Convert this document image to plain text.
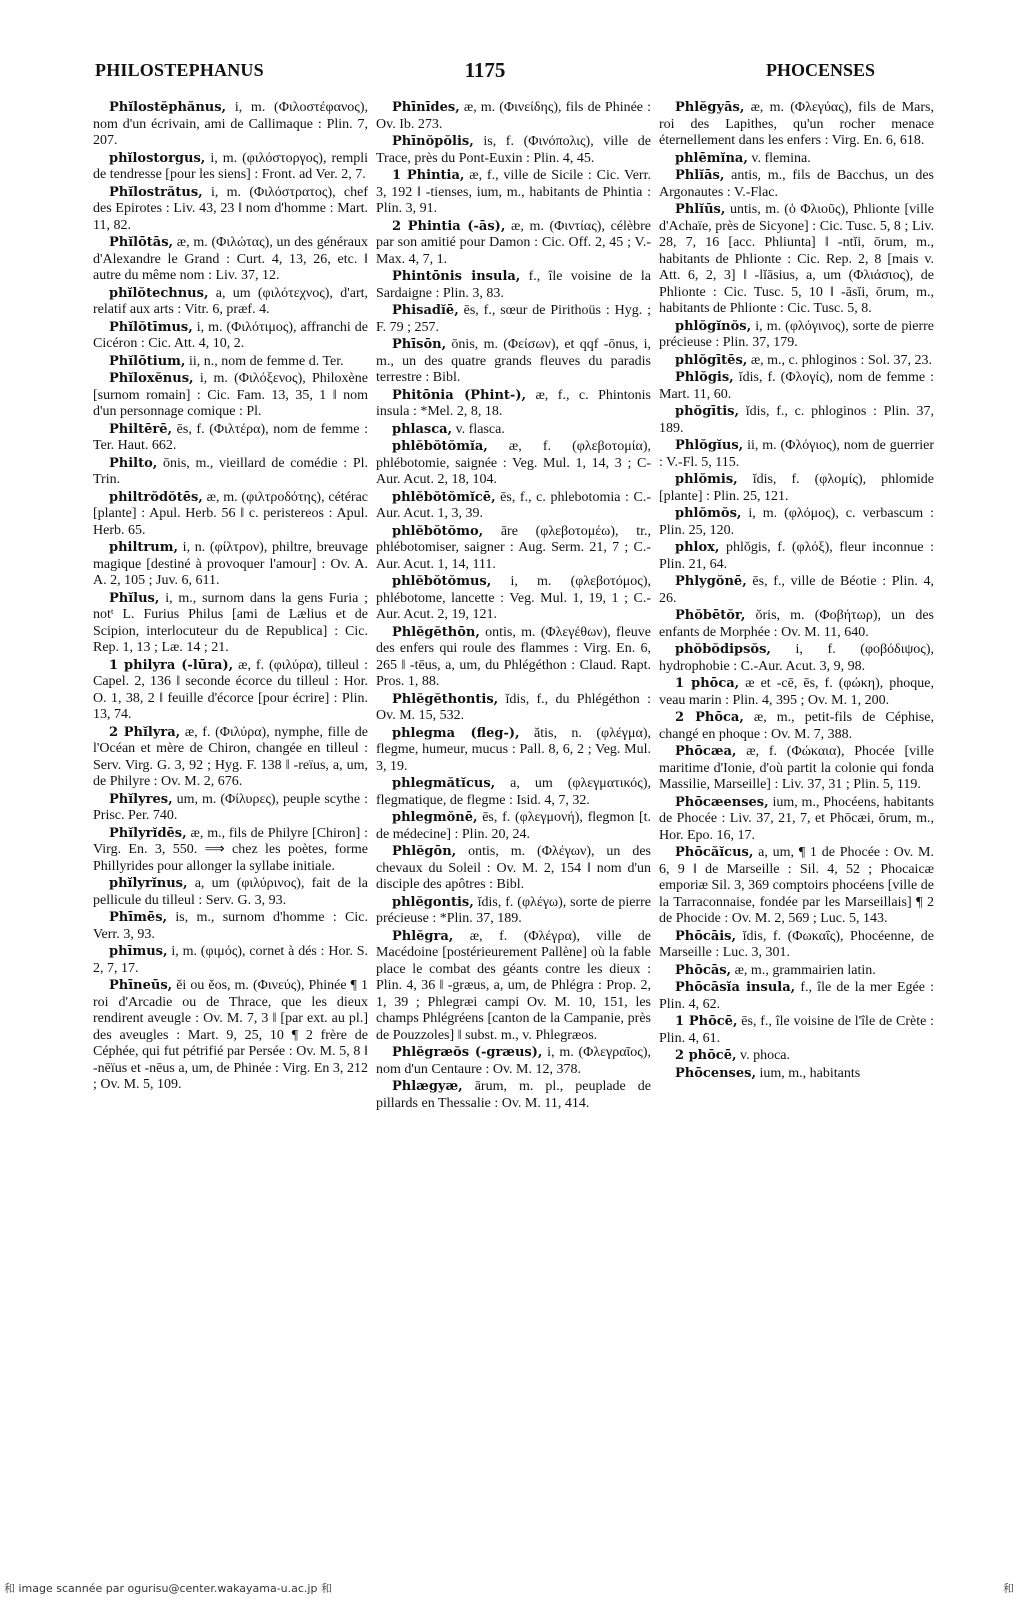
PHILOSTEPHANUS	1175	PHOCENSES

Phĭlostĕphănus, i, m. (Φιλοστέφανος), nom d'un écrivain, ami de Callimaque : Plin. 7, 207.

phĭlostorgus, i, m. (φιλόστοργος), rempli de tendresse [pour les siens] : Front. ad Ver. 2, 7.

Phĭlostrătus, i, m. (Φιλόστρατος), chef des Epirotes : Liv. 43, 23 ‖ nom d'homme : Mart. 11, 82.

Phĭlōtās, æ, m. (Φιλώτας), un des généraux d'Alexandre le Grand : Curt. 4, 13, 26, etc. ‖ autre du même nom : Liv. 37, 12.

phĭlŏtechnus, a, um (φιλότεχνος), d'art, relatif aux arts : Vitr. 6, præf. 4.

Phĭlŏtīmus, i, m. (Φιλότιμος), affranchi de Cicéron : Cic. Att. 4, 10, 2.

Phĭlōtium, ii, n., nom de femme d. Ter.

Phĭloxĕnus, i, m. (Φιλόξενος), Philoxène [surnom romain] : Cic. Fam. 13, 35, 1 ‖ nom d'un personnage comique : Pl.

Philtērē, ēs, f. (Φιλτέρα), nom de femme : Ter. Haut. 662.

Philto, ōnis, m., vieillard de comédie : Pl. Trin.

philtrŏdŏtēs, æ, m. (φιλτροδότης), cétérac [plante] : Apul. Herb. 56 ‖ c. peristereos : Apul. Herb. 65.

philtrum, i, n. (φίλτρον), philtre, breuvage magique [destiné à provoquer l'amour] : Ov. A. A. 2, 105 ; Juv. 6, 611.

Phĭlus, i, m., surnom dans la gens Furia ; notᵗ L. Furius Philus [ami de Lælius et de Scipion, interlocuteur du de Republica] : Cic. Rep. 1, 13 ; Læ. 14 ; 21.

1 philyra (-lūra), æ, f. (φιλύρα), tilleul : Capel. 2, 136 ‖ seconde écorce du tilleul : Hor. O. 1, 38, 2 ‖ feuille d'écorce [pour écrire] : Plin. 13, 74.

2 Phĭlyra, æ, f. (Φιλύρα), nymphe, fille de l'Océan et mère de Chiron, changée en tilleul : Serv. Virg. G. 3, 92 ; Hyg. F. 138 ‖ -reïus, a, um, de Philyre : Ov. M. 2, 676.

Phĭlyres, um, m. (Φίλυρες), peuple scythe : Prisc. Per. 740.

Phĭlyrĭdēs, æ, m., fils de Philyre [Chiron] : Virg. En. 3, 550. ⟹ chez les poètes, forme Phillyrides pour allonger la syllabe initiale.

phĭlyrĭnus, a, um (φιλύρινος), fait de la pellicule du tilleul : Serv. G. 3, 93.

Phīmēs, is, m., surnom d'homme : Cic. Verr. 3, 93.

phīmus, i, m. (φιμός), cornet à dés : Hor. S. 2, 7, 17.

Phīneūs, ĕi ou ĕos, m. (Φινεύς), Phinée ¶ 1 roi d'Arcadie ou de Thrace, que les dieux rendirent aveugle : Ov. M. 7, 3 ‖ [par ext. au pl.] des aveugles : Mart. 9, 25, 10 ¶ 2 frère de Céphée, qui fut pétrifié par Persée : Ov. M. 5, 8 ‖ -nēïus et -nēus a, um, de Phinée : Virg. En 3, 212 ; Ov. M. 5, 109.

Phīnīdes, æ, m. (Φινείδης), fils de Phinée : Ov. Ib. 273.

Phīnŏpŏlis, is, f. (Φινόπολις), ville de Trace, près du Pont-Euxin : Plin. 4, 45.

1 Phintia, æ, f., ville de Sicile : Cic. Verr. 3, 192 ‖ -tienses, ium, m., habitants de Phintia : Plin. 3, 91.

2 Phintia (-ās), æ, m. (Φιντίας), célèbre par son amitié pour Damon : Cic. Off. 2, 45 ; V.-Max. 4, 7, 1.

Phintōnis insula, f., île voisine de la Sardaigne : Plin. 3, 83.

Phisadĭē, ēs, f., sœur de Pirithoüs : Hyg. ; F. 79 ; 257.

Phīsōn, ōnis, m. (Φείσων), et qqf -ōnus, i, m., un des quatre grands fleuves du paradis terrestre : Bibl.

Phitōnia (Phint-), æ, f., c. Phintonis insula : *Mel. 2, 8, 18.

phlasca, v. flasca.

phlĕbŏtŏmĭa, æ, f. (φλεβοτομία), phlébotomie, saignée : Veg. Mul. 1, 14, 3 ; C-Aur. Acut. 2, 18, 104.

phlĕbŏtŏmĭcē, ēs, f., c. phlebotomia : C.-Aur. Acut. 1, 3, 39.

phlĕbŏtŏmo, āre (φλεβοτομέω), tr., phlébotomiser, saigner : Aug. Serm. 21, 7 ; C.-Aur. Acut. 1, 14, 111.

phlĕbŏtŏmus, i, m. (φλεβοτόμος), phlébotome, lancette : Veg. Mul. 1, 19, 1 ; C.-Aur. Acut. 2, 19, 121.

Phlĕgĕthōn, ontis, m. (Φλεγέθων), fleuve des enfers qui roule des flammes : Virg. En. 6, 265 ‖ -tēus, a, um, du Phlégéthon : Claud. Rapt. Pros. 1, 88.

Phlĕgĕthontis, ĭdis, f., du Phlégéthon : Ov. M. 15, 532.

phlegma (fleg-), ătis, n. (φλέγμα), flegme, humeur, mucus : Pall. 8, 6, 2 ; Veg. Mul. 3, 19.

phlegmătĭcus, a, um (φλεγματικός), flegmatique, de flegme : Isid. 4, 7, 32.

phlegmŏnē, ēs, f. (φλεγμονή), flegmon [t. de médecine] : Plin. 20, 24.

Phlĕgōn, ontis, m. (Φλέγων), un des chevaux du Soleil : Ov. M. 2, 154 ‖ nom d'un disciple des apôtres : Bibl.

phlĕgontis, ĭdis, f. (φλέγω), sorte de pierre précieuse : *Plin. 37, 189.

Phlĕgra, æ, f. (Φλέγρα), ville de Macédoine [postérieurement Pallène] où la fable place le combat des géants contre les dieux : Plin. 4, 36 ‖ -græus, a, um, de Phlégra : Prop. 2, 1, 39 ; Phlegræi campi Ov. M. 10, 151, les champs Phlégréens [canton de la Campanie, près de Pouzzoles] ‖ subst. m., v. Phlegræos.

Phlĕgræŏs (-græus), i, m. (Φλεγραῖος), nom d'un Centaure : Ov. M. 12, 378.

Phlægyæ, ārum, m. pl., peuplade de pillards en Thessalie : Ov. M. 11, 414.

Phlĕgyās, æ, m. (Φλεγύας), fils de Mars, roi des Lapithes, qu'un rocher menace éternellement dans les enfers : Virg. En. 6, 618.

phlēmĭna, v. flemina.

Phlĭās, antis, m., fils de Bacchus, un des Argonautes : V.-Flac.

Phlĭūs, untis, m. (ὁ Φλιοῦς), Phlionte [ville d'Achaïe, près de Sicyone] : Cic. Tusc. 5, 8 ; Liv. 28, 7, 16 [acc. Phliunta] ‖ -ntĭi, ōrum, m., habitants de Phlionte : Cic. Rep. 2, 8 [mais v. Att. 6, 2, 3] ‖ -lĭāsius, a, um (Φλιάσιος), de Phlionte : Cic. Tusc. 5, 10 ‖ -āsĭi, ōrum, m., habitants de Phlionte : Cic. Tusc. 5, 8.

phlŏgĭnŏs, i, m. (φλόγινος), sorte de pierre précieuse : Plin. 37, 179.

phlŏgītēs, æ, m., c. phloginos : Sol. 37, 23.

Phlŏgis, ĭdis, f. (Φλογίς), nom de femme : Mart. 11, 60.

phŏgītis, ĭdis, f., c. phloginos : Plin. 37, 189.

Phlŏgĭus, ii, m. (Φλόγιος), nom de guerrier : V.-Fl. 5, 115.

phlŏmis, ĭdis, f. (φλομίς), phlomide [plante] : Plin. 25, 121.

phlŏmŏs, i, m. (φλόμος), c. verbascum : Plin. 25, 120.

phlox, phlŏgis, f. (φλόξ), fleur inconnue : Plin. 21, 64.

Phlygŏnē, ēs, f., ville de Béotie : Plin. 4, 26.

Phŏbētŏr, ŏris, m. (Φοβήτωρ), un des enfants de Morphée : Ov. M. 11, 640.

phŏbŏdipsŏs, i, f. (φοβόδιψος), hydrophobie : C.-Aur. Acut. 3, 9, 98.

1 phōca, æ et -cē, ēs, f. (φώκη), phoque, veau marin : Plin. 4, 395 ; Ov. M. 1, 200.

2 Phōca, æ, m., petit-fils de Céphise, changé en phoque : Ov. M. 7, 388.

Phōcæa, æ, f. (Φώκαια), Phocée [ville maritime d'Ionie, d'où partit la colonie qui fonda Massilie, Marseille] : Liv. 37, 31 ; Plin. 5, 119.

Phōcæenses, ium, m., Phocéens, habitants de Phocée : Liv. 37, 21, 7, et Phōcæi, ōrum, m., Hor. Epo. 16, 17.

Phōcăĭcus, a, um, ¶ 1 de Phocée : Ov. M. 6, 9 ‖ de Marseille : Sil. 4, 52 ; Phocaicæ emporiæ Sil. 3, 369 comptoirs phocéens [ville de la Tarraconnaise, fondée par les Marseillais] ¶ 2 de Phocide : Ov. M. 2, 569 ; Luc. 5, 143.

Phōcāis, ĭdis, f. (Φωκαΐς), Phocéenne, de Marseille : Luc. 3, 301.

Phōcās, æ, m., grammairien latin.

Phōcāsĭa insula, f., île de la mer Egée : Plin. 4, 62.

1 Phōcē, ēs, f., île voisine de l'île de Crète : Plin. 4, 61.

2 phōcē, v. phoca.

Phōcenses, ium, m., habitants

和 image scannée par ogurisu@center.wakayama-u.ac.jp 和	和
